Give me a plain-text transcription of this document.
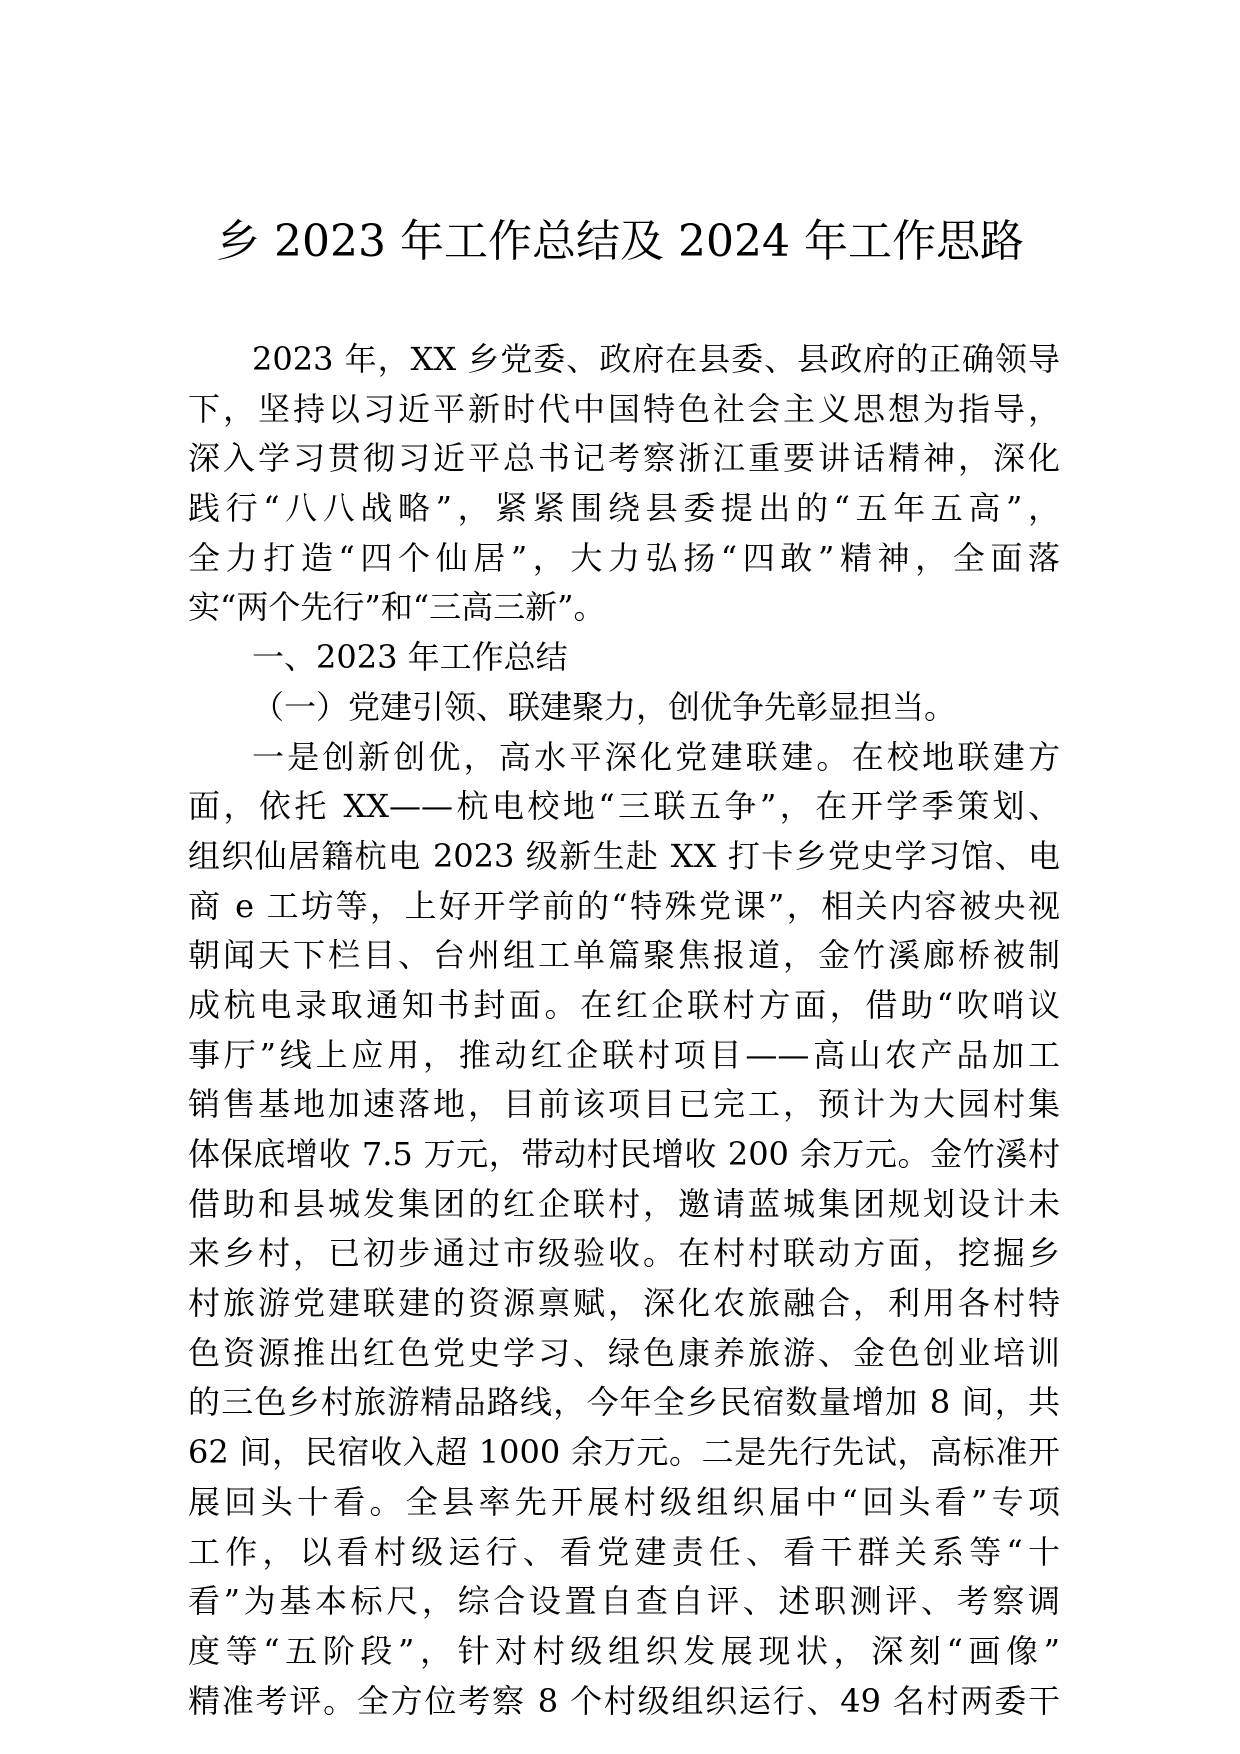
乡 2023 年工作总结及 2024 年工作思路
2023 年，XX 乡党委、政府在县委、县政府的正确领导
下，坚持以习近平新时代中国特色社会主义思想为指导，
深入学习贯彻习近平总书记考察浙江重要讲话精神，深化
践行“八八战略”，紧紧围绕县委提出的“五年五高”，
全力打造“四个仙居”，大力弘扬“四敢”精神，全面落
实“两个先行”和“三高三新”。
一、2023 年工作总结
（一）党建引领、联建聚力，创优争先彰显担当。
一是创新创优，高水平深化党建联建。在校地联建方
面，依托 XX——杭电校地“三联五争”，在开学季策划、
组织仙居籍杭电 2023 级新生赴 XX 打卡乡党史学习馆、电
商 e 工坊等，上好开学前的“特殊党课”，相关内容被央视
朝闻天下栏目、台州组工单篇聚焦报道，金竹溪廊桥被制
成杭电录取通知书封面。在红企联村方面，借助“吹哨议
事厅”线上应用，推动红企联村项目——高山农产品加工
销售基地加速落地，目前该项目已完工，预计为大园村集
体保底增收 7.5 万元，带动村民增收 200 余万元。金竹溪村
借助和县城发集团的红企联村，邀请蓝城集团规划设计未
来乡村，已初步通过市级验收。在村村联动方面，挖掘乡
村旅游党建联建的资源禀赋，深化农旅融合，利用各村特
色资源推出红色党史学习、绿色康养旅游、金色创业培训
的三色乡村旅游精品路线，今年全乡民宿数量增加 8 间，共
62 间，民宿收入超 1000 余万元。二是先行先试，高标准开
展回头十看。全县率先开展村级组织届中“回头看”专项
工作，以看村级运行、看党建责任、看干群关系等“十
看”为基本标尺，综合设置自查自评、述职测评、考察调
度等“五阶段”，针对村级组织发展现状，深刻“画像”
精准考评。全方位考察 8 个村级组织运行、49 名村两委干
